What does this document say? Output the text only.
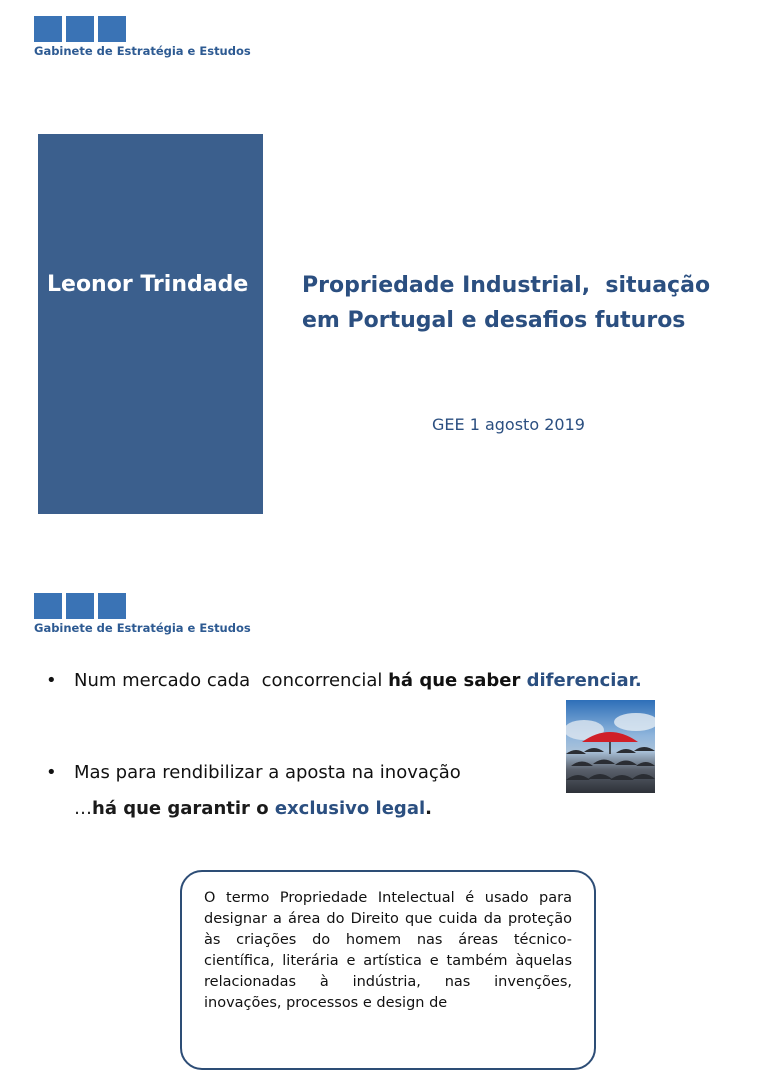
Gabinete de Estratégia e Estudos
Leonor Trindade Propriedade Industrial,  situação
em Portugal e desafios futuros
GEE 1 agosto 2019
Gabinete de Estratégia e Estudos
• Num mercado cada  concorrencial há que saber diferenciar.
• Mas para rendibilizar a aposta na inovação
…há que garantir o exclusivo legal.

O termo Propriedade Intelectual é usado para designar a área do Direito que cuida da proteção às criações do homem nas áreas técnico-científica, literária e artística e também àquelas relacionadas à indústria, nas invenções, inovações, processos e design de
